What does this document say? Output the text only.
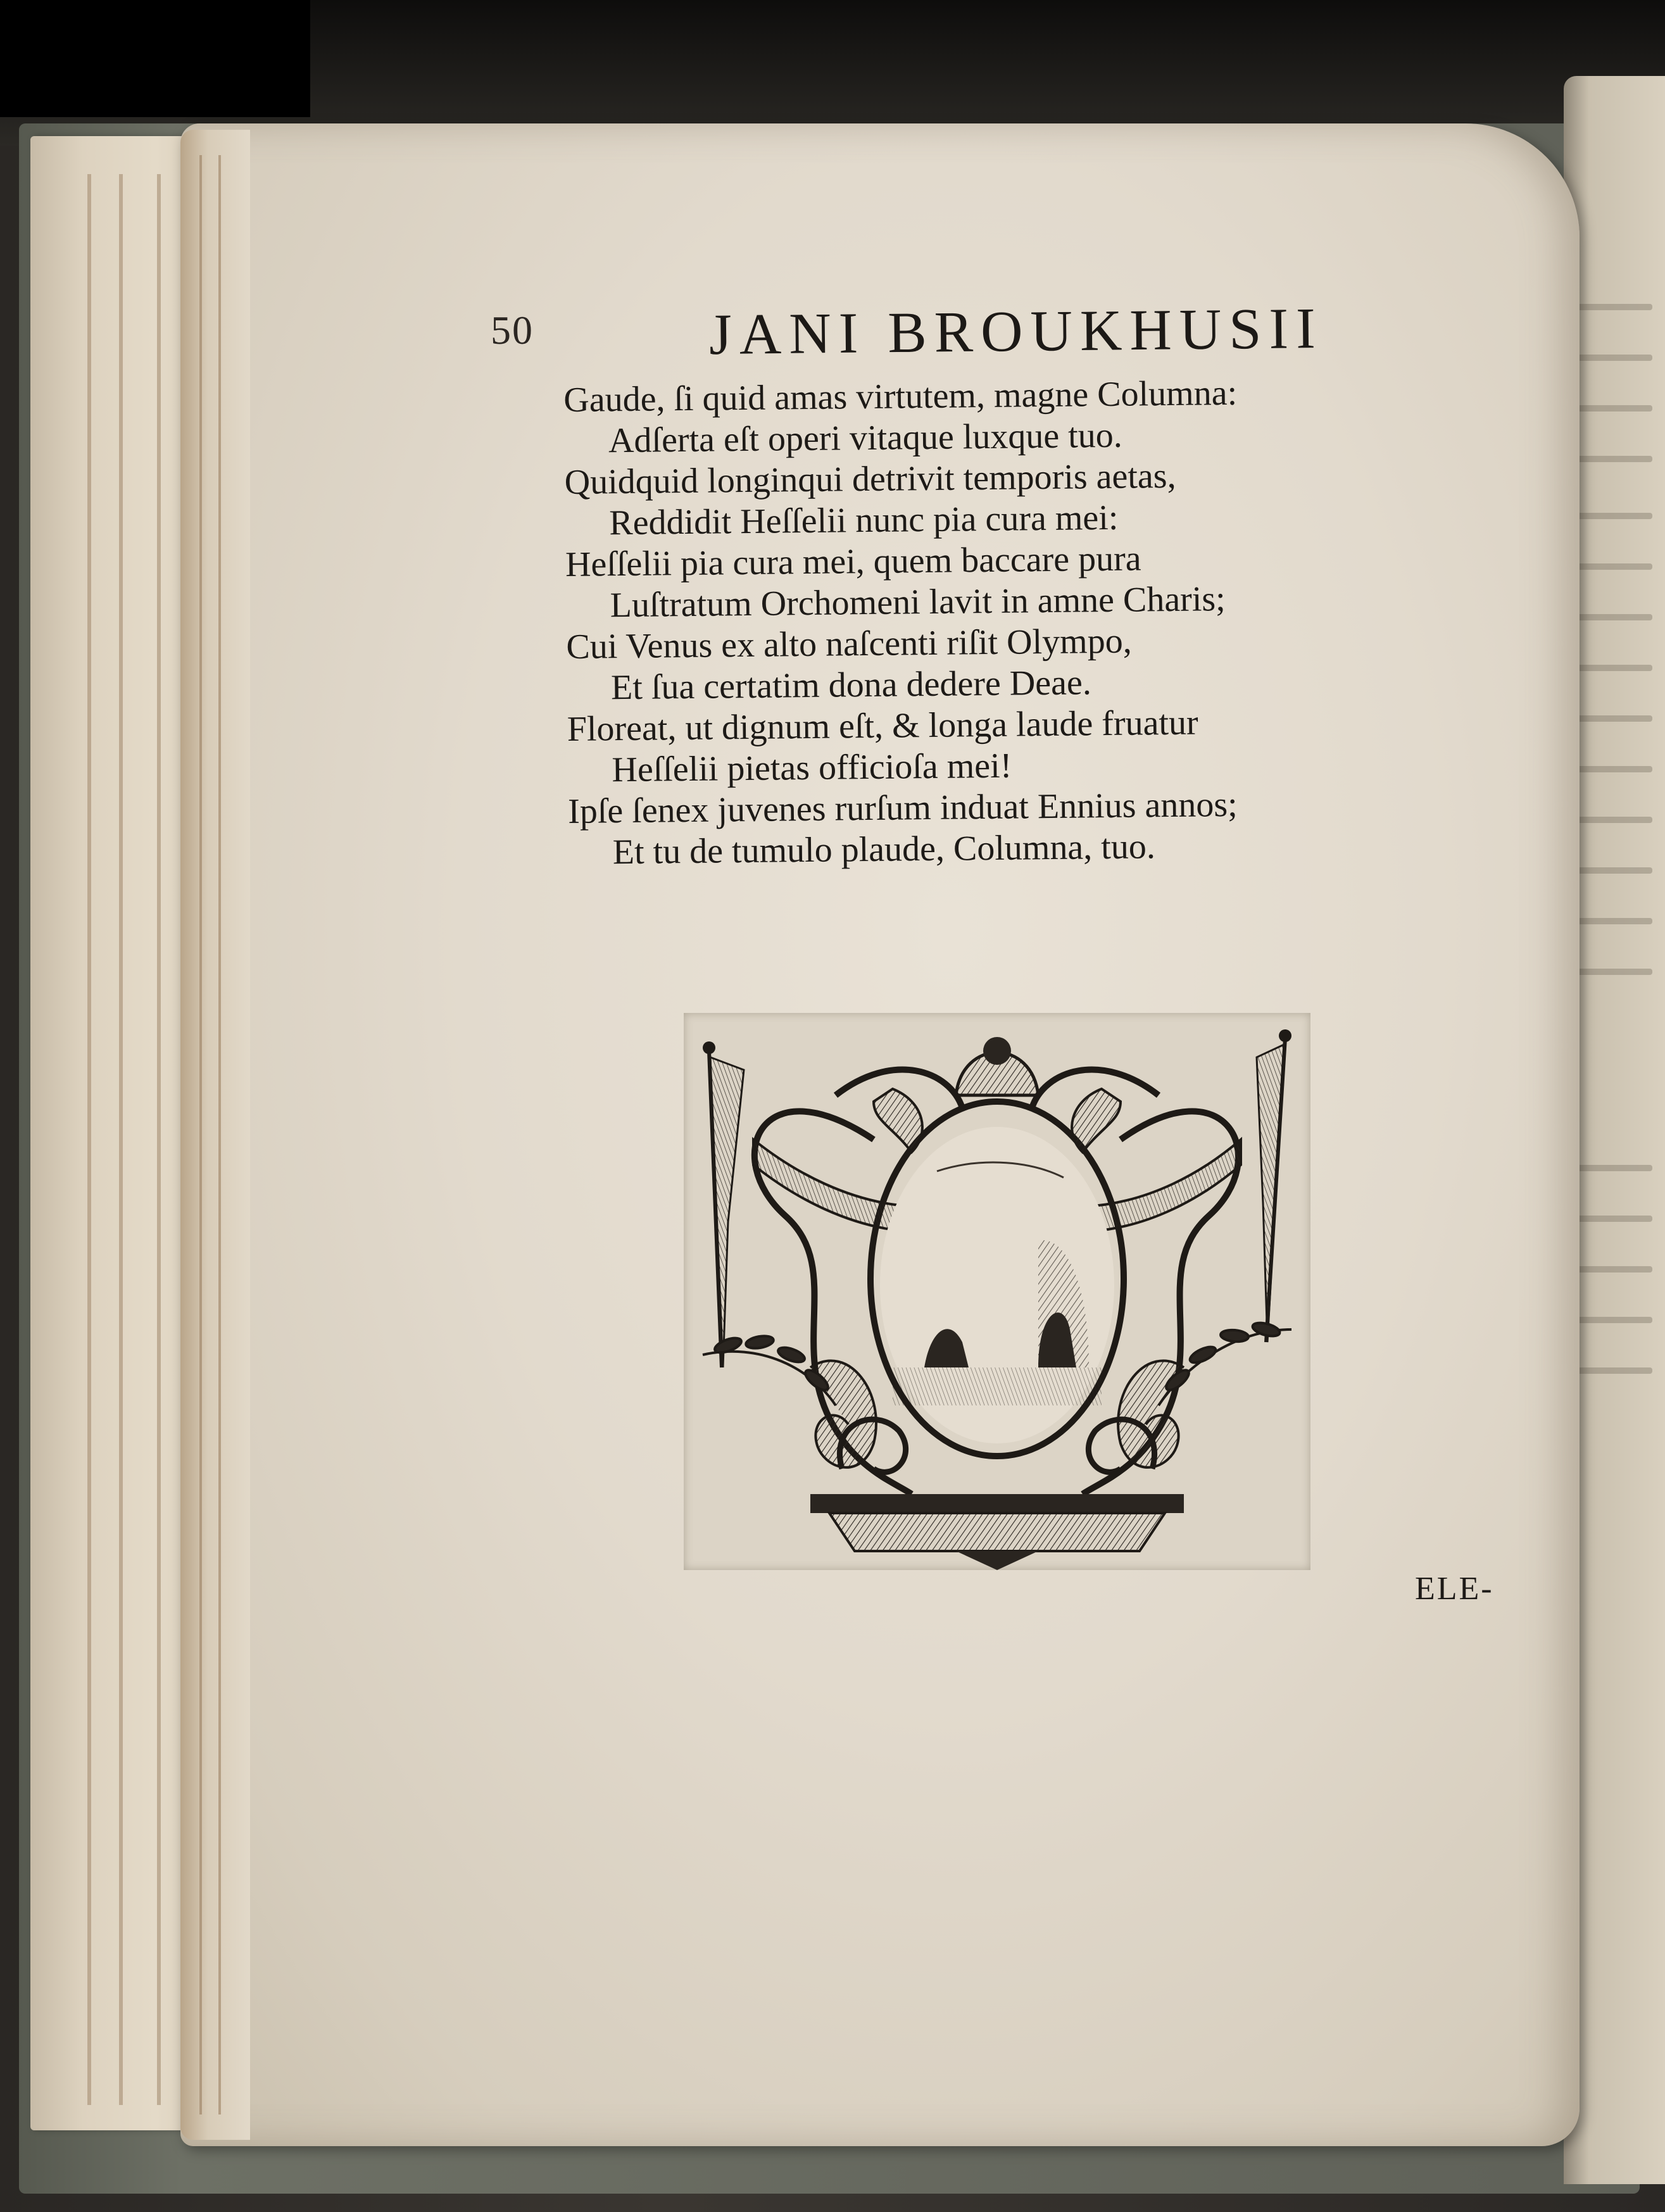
50	JANI BROUKHUSII
Gaude, ſi quid amas virtutem, magne Columna:
Adſerta eſt operi vitaque luxque tuo.
Quidquid longinqui detrivit temporis aetas,
Reddidit Heſſelii nunc pia cura mei:
Heſſelii pia cura mei, quem baccare pura
Luſtratum Orchomeni lavit in amne Charis;
Cui Venus ex alto naſcenti riſit Olympo,
Et ſua certatim dona dedere Deae.
Floreat, ut dignum eſt, & longa laude fruatur
Heſſelii pietas officioſa mei!
Ipſe ſenex juvenes rurſum induat Ennius annos;
Et tu de tumulo plaude, Columna, tuo.
ELE-
